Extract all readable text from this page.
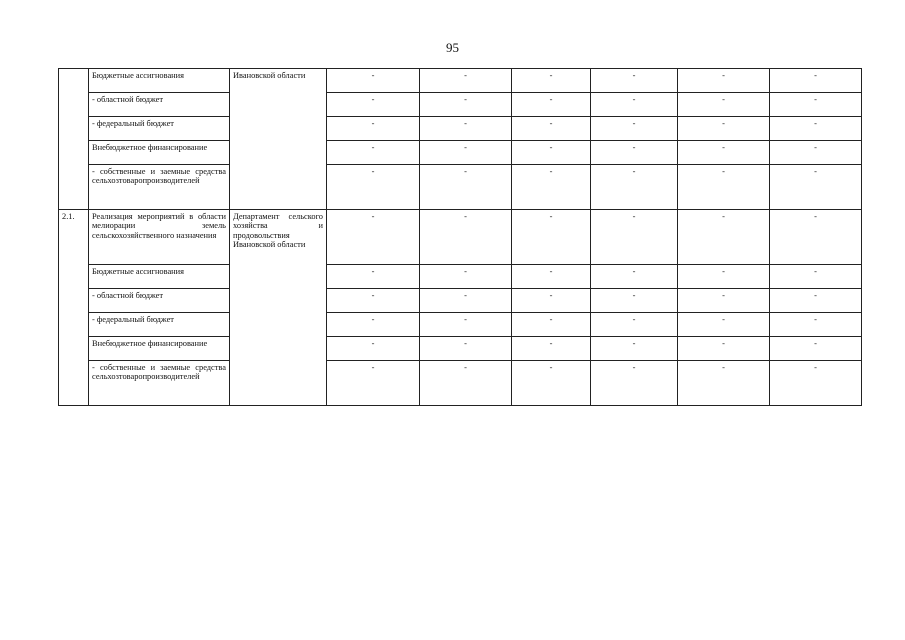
95
	Бюджетные ассигнования	Ивановской области	-	-	-	-	-	-
	- областной бюджет		-	-	-	-	-	-
	- федеральный бюджет		-	-	-	-	-	-
	Внебюджетное финансирование		-	-	-	-	-	-
	- собственные и заемные средства сельхозтоваропроизводителей		-	-	-	-	-	-
2.1.	Реализация мероприятий в области мелиорации земель сельскохозяйственного назначения	Департамент сельского хозяйства и продовольствия Ивановской области	-	-	-	-	-	-
	Бюджетные ассигнования		-	-	-	-	-	-
	- областной бюджет		-	-	-	-	-	-
	- федеральный бюджет		-	-	-	-	-	-
	Внебюджетное финансирование		-	-	-	-	-	-
	- собственные и заемные средства сельхозтоваропроизводителей		-	-	-	-	-	-
